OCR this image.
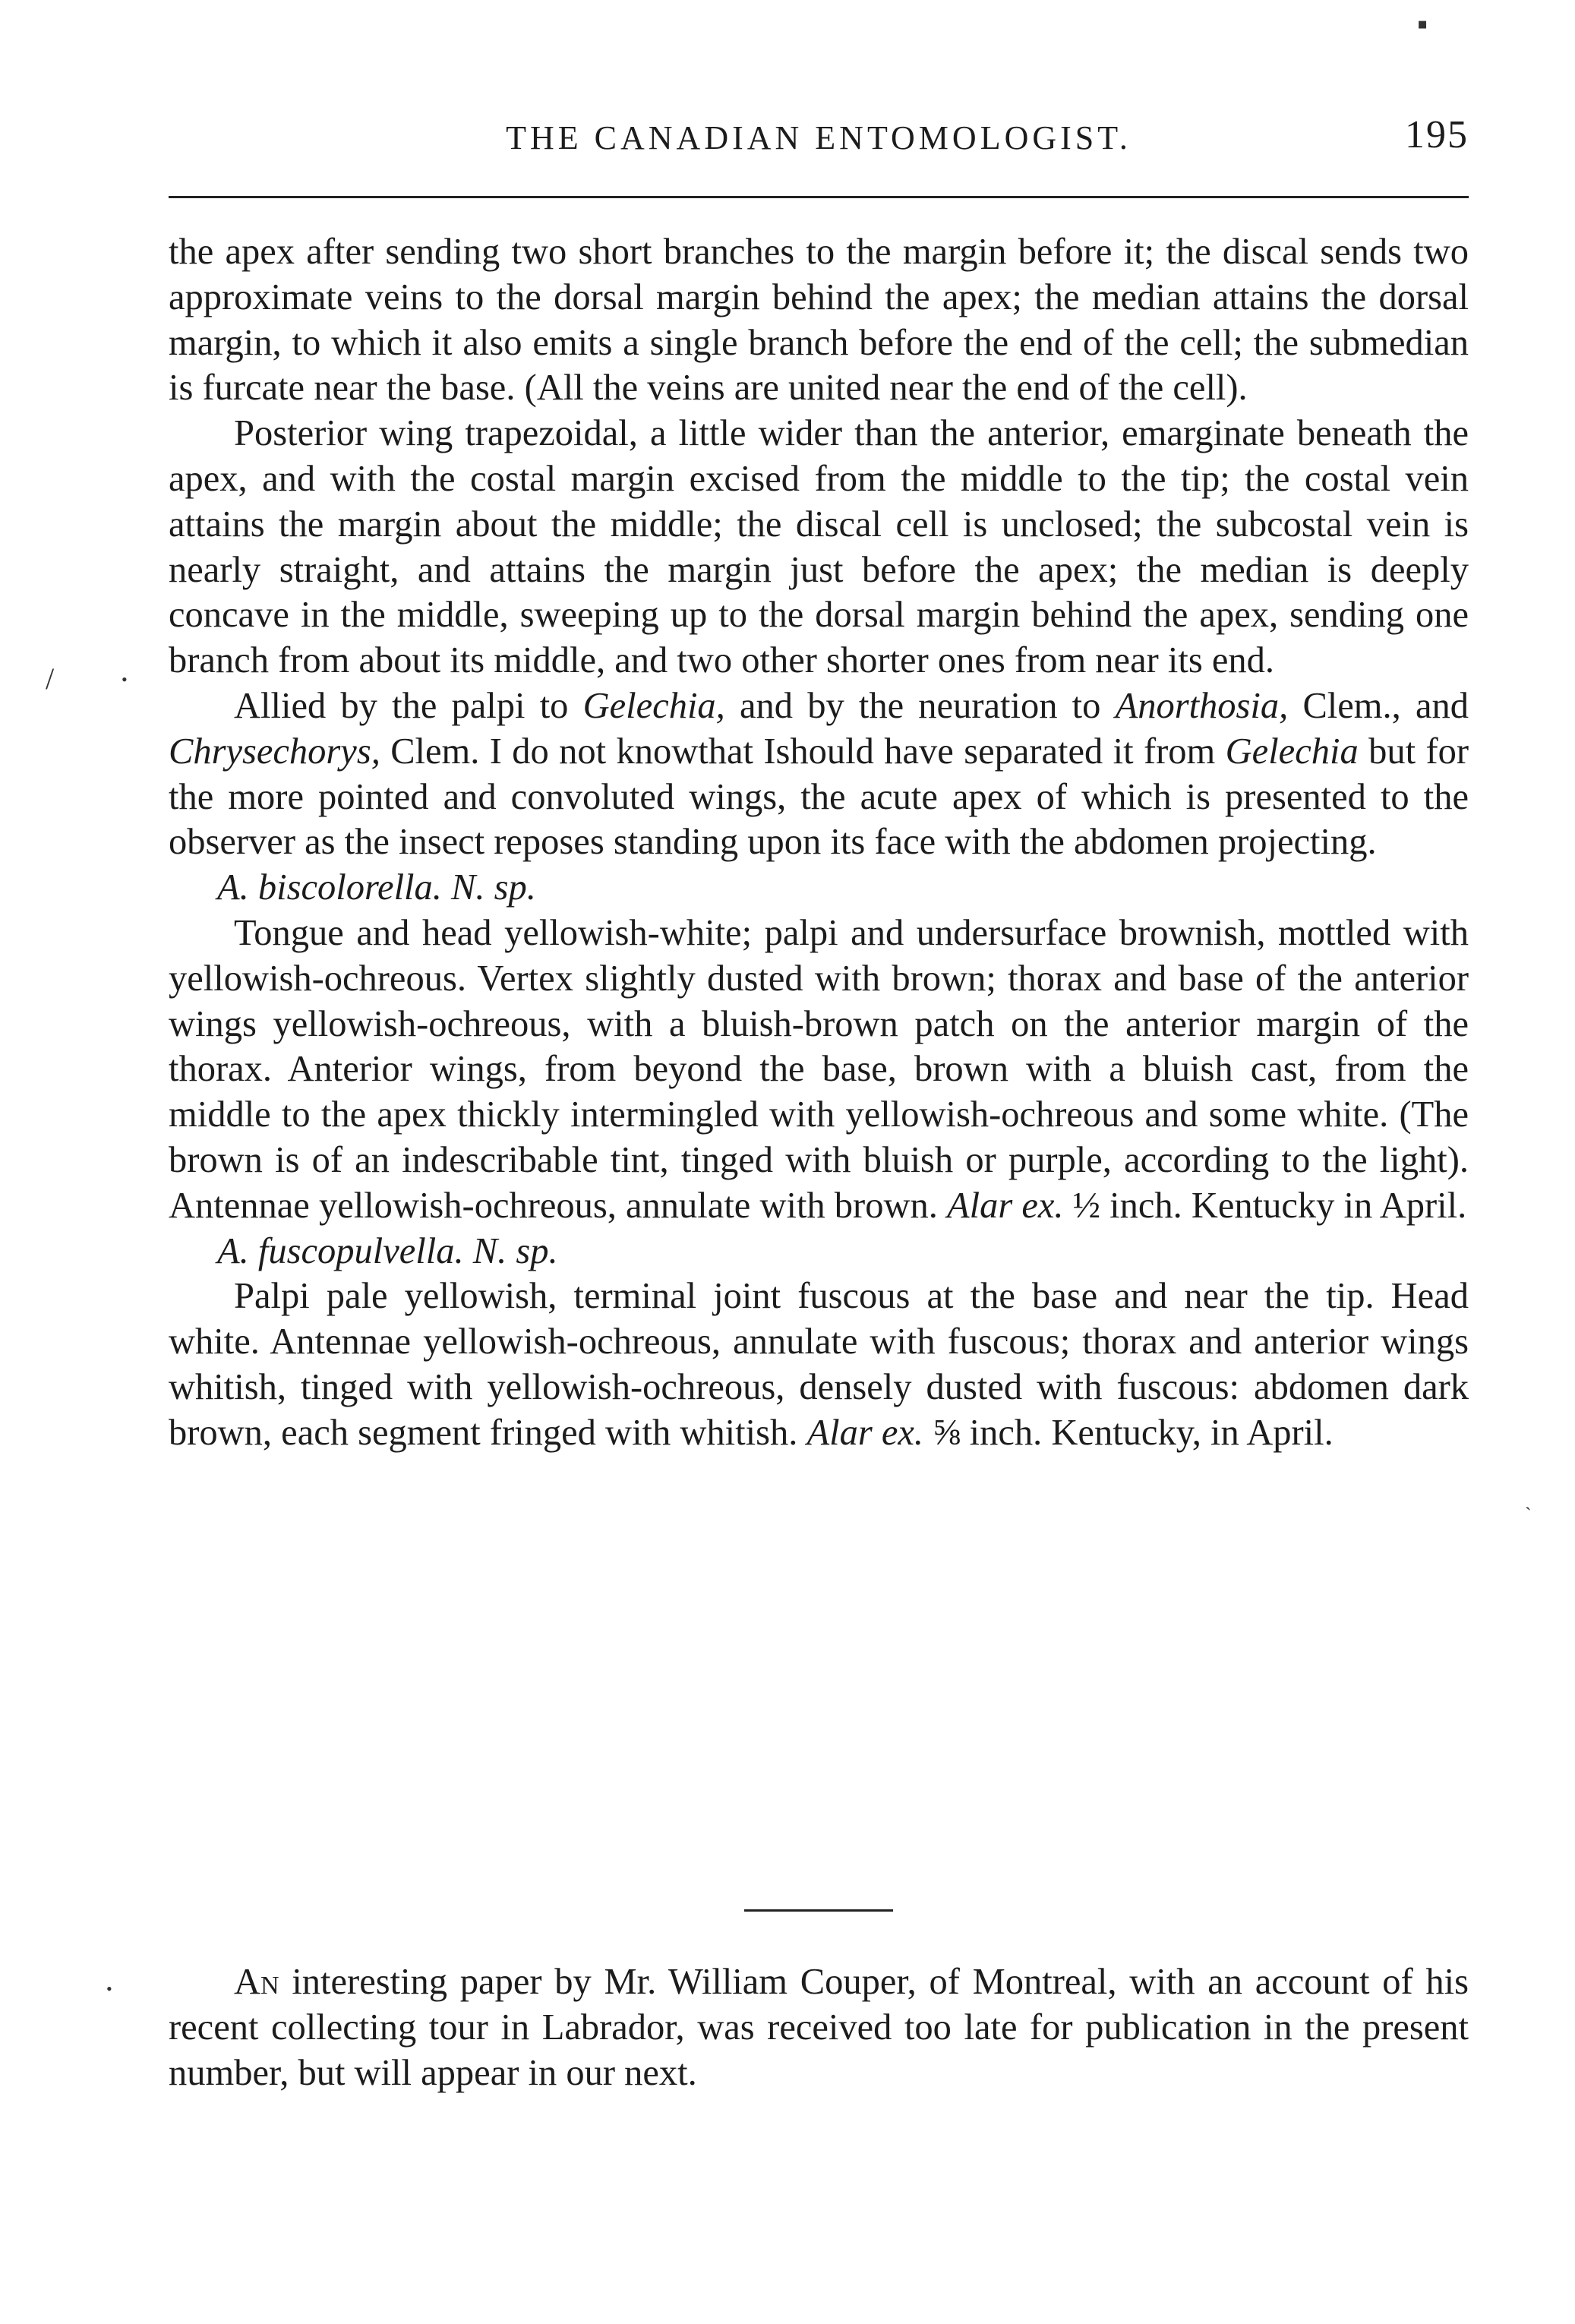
THE CANADIAN ENTOMOLOGIST.	195
▪
/	•
`
•

the apex after sending two short branches to the margin before it; the discal sends two approximate veins to the dorsal margin behind the apex; the median attains the dorsal margin, to which it also emits a single branch before the end of the cell; the submedian is furcate near the base. (All the veins are united near the end of the cell).

Posterior wing trapezoidal, a little wider than the anterior, emarginate beneath the apex, and with the costal margin excised from the middle to the tip; the costal vein attains the margin about the middle; the discal cell is unclosed; the subcostal vein is nearly straight, and attains the margin just before the apex; the median is deeply concave in the middle, sweeping up to the dorsal margin behind the apex, sending one branch from about its middle, and two other shorter ones from near its end.

Allied by the palpi to Gelechia, and by the neuration to Anorthosia, Clem., and Chrysechorys, Clem. I do not knowthat Ishould have separated it from Gelechia but for the more pointed and convoluted wings, the acute apex of which is presented to the observer as the insect reposes standing upon its face with the abdomen projecting.

A. biscolorella. N. sp.

Tongue and head yellowish-white; palpi and undersurface brownish, mottled with yellowish-ochreous. Vertex slightly dusted with brown; thorax and base of the anterior wings yellowish-ochreous, with a bluish-brown patch on the anterior margin of the thorax. Anterior wings, from beyond the base, brown with a bluish cast, from the middle to the apex thickly intermingled with yellowish-ochreous and some white. (The brown is of an indescribable tint, tinged with bluish or purple, according to the light). Antennae yellowish-ochreous, annulate with brown. Alar ex. ½ inch. Kentucky in April.

A. fuscopulvella. N. sp.

Palpi pale yellowish, terminal joint fuscous at the base and near the tip. Head white. Antennae yellowish-ochreous, annulate with fuscous; thorax and anterior wings whitish, tinged with yellowish-ochreous, densely dusted with fuscous: abdomen dark brown, each segment fringed with whitish. Alar ex. ⅝ inch. Kentucky, in April.

An interesting paper by Mr. William Couper, of Montreal, with an account of his recent collecting tour in Labrador, was received too late for publication in the present number, but will appear in our next.
